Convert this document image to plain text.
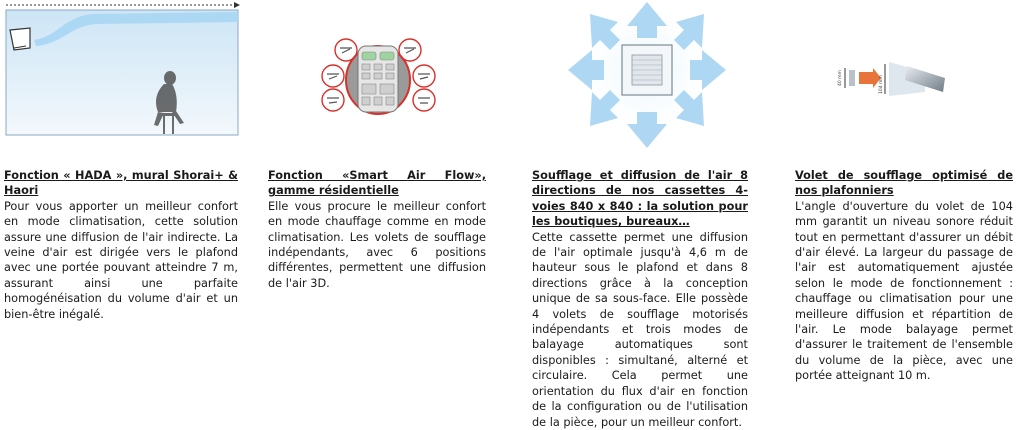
Fonction « HADA », mural Shorai+ & Haori

Pour vous apporter un meilleur confort en mode climatisation, cette solution assure une diffusion de l'air indirecte. La veine d'air est dirigée vers le plafond avec une portée pouvant atteindre 7 m, assurant ainsi une parfaite homogénéisation du volume d'air et un bien-être inégalé.

Fonction «Smart Air Flow», gamme résidentielle

Elle vous procure le meilleur confort en mode chauffage comme en mode climatisation. Les volets de soufflage indépendants, avec 6 positions différentes, permettent une diffusion de l'air 3D.

Soufflage et diffusion de l'air 8 directions de nos cassettes 4-voies 840 x 840 : la solution pour les boutiques, bureaux…

Cette cassette permet une diffusion de l'air optimale jusqu'à 4,6 m de hauteur sous le plafond et dans 8 directions grâce à la conception unique de sa sous-face. Elle possède 4 volets de soufflage motorisés indépendants et trois modes de balayage automatiques sont disponibles : simultané, alterné et circulaire. Cela permet une orientation du flux d'air en fonction de la configuration ou de l'utilisation de la pièce, pour un meilleur confort.

40 mm	104 mm

Volet de soufflage optimisé de nos plafonniers

L'angle d'ouverture du volet de 104 mm garantit un niveau sonore réduit tout en permettant d'assurer un débit d'air élevé. La largeur du passage de l'air est automatiquement ajustée selon le mode de fonctionnement : chauffage ou climatisation pour une meilleure diffusion et répartition de l'air. Le mode balayage permet d'assurer le traitement de l'ensemble du volume de la pièce, avec une portée atteignant 10 m.
